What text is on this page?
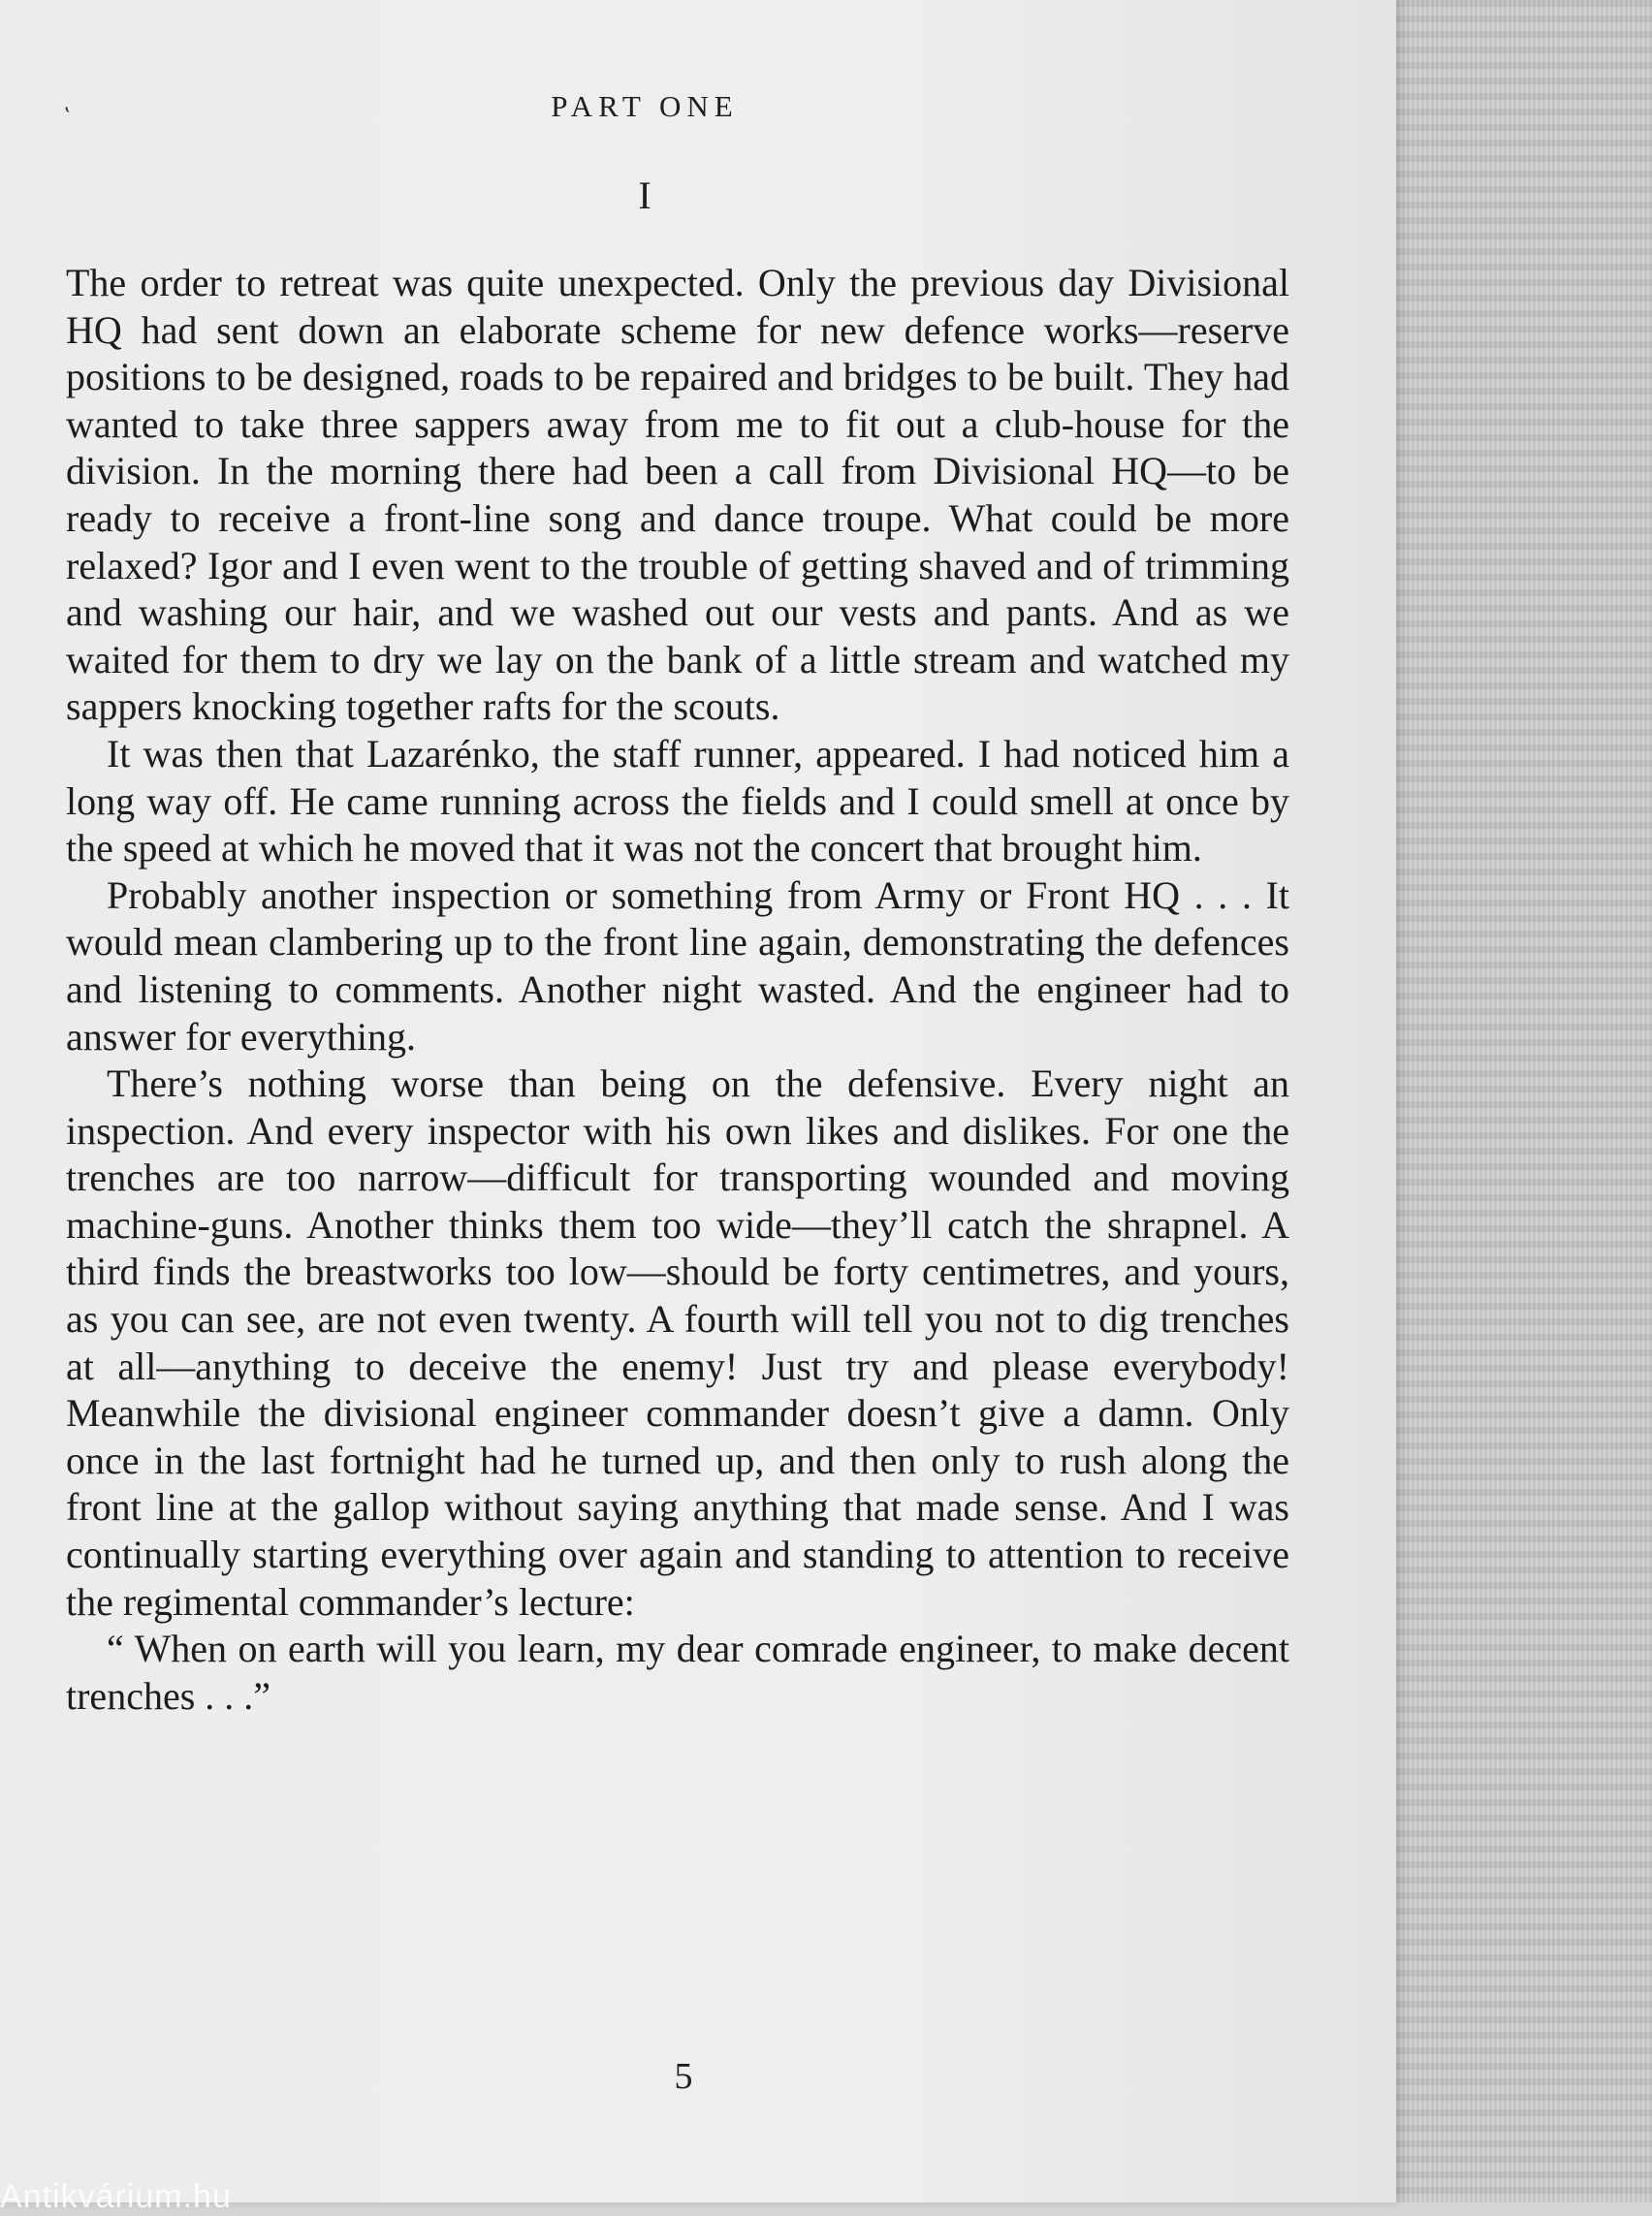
‛	PART ONE
I

The order to retreat was quite unexpected. Only the previous day Divisional HQ had sent down an elaborate scheme for new defence works—reserve positions to be designed, roads to be repaired and bridges to be built. They had wanted to take three sappers away from me to fit out a club-house for the division. In the morning there had been a call from Divisional HQ—to be ready to receive a front-line song and dance troupe. What could be more relaxed? Igor and I even went to the trouble of getting shaved and of trimming and washing our hair, and we washed out our vests and pants. And as we waited for them to dry we lay on the bank of a little stream and watched my sappers knocking together rafts for the scouts.

It was then that Lazarénko, the staff runner, appeared. I had noticed him a long way off. He came running across the fields and I could smell at once by the speed at which he moved that it was not the concert that brought him.

Probably another inspection or something from Army or Front HQ . . . It would mean clambering up to the front line again, demonstrating the defences and listening to comments. Another night wasted. And the engineer had to answer for everything.

There’s nothing worse than being on the defensive. Every night an inspection. And every inspector with his own likes and dislikes. For one the trenches are too narrow—difficult for transporting wounded and moving machine-guns. Another thinks them too wide—they’ll catch the shrapnel. A third finds the breastworks too low—should be forty centimetres, and yours, as you can see, are not even twenty. A fourth will tell you not to dig trenches at all—anything to deceive the enemy! Just try and please everybody! Meanwhile the divisional engineer commander doesn’t give a damn. Only once in the last fortnight had he turned up, and then only to rush along the front line at the gallop without saying anything that made sense. And I was continually starting everything over again and standing to attention to receive the regimental commander’s lecture:

“ When on earth will you learn, my dear comrade engineer, to make decent trenches . . .”

5
Antikvárium.hu
